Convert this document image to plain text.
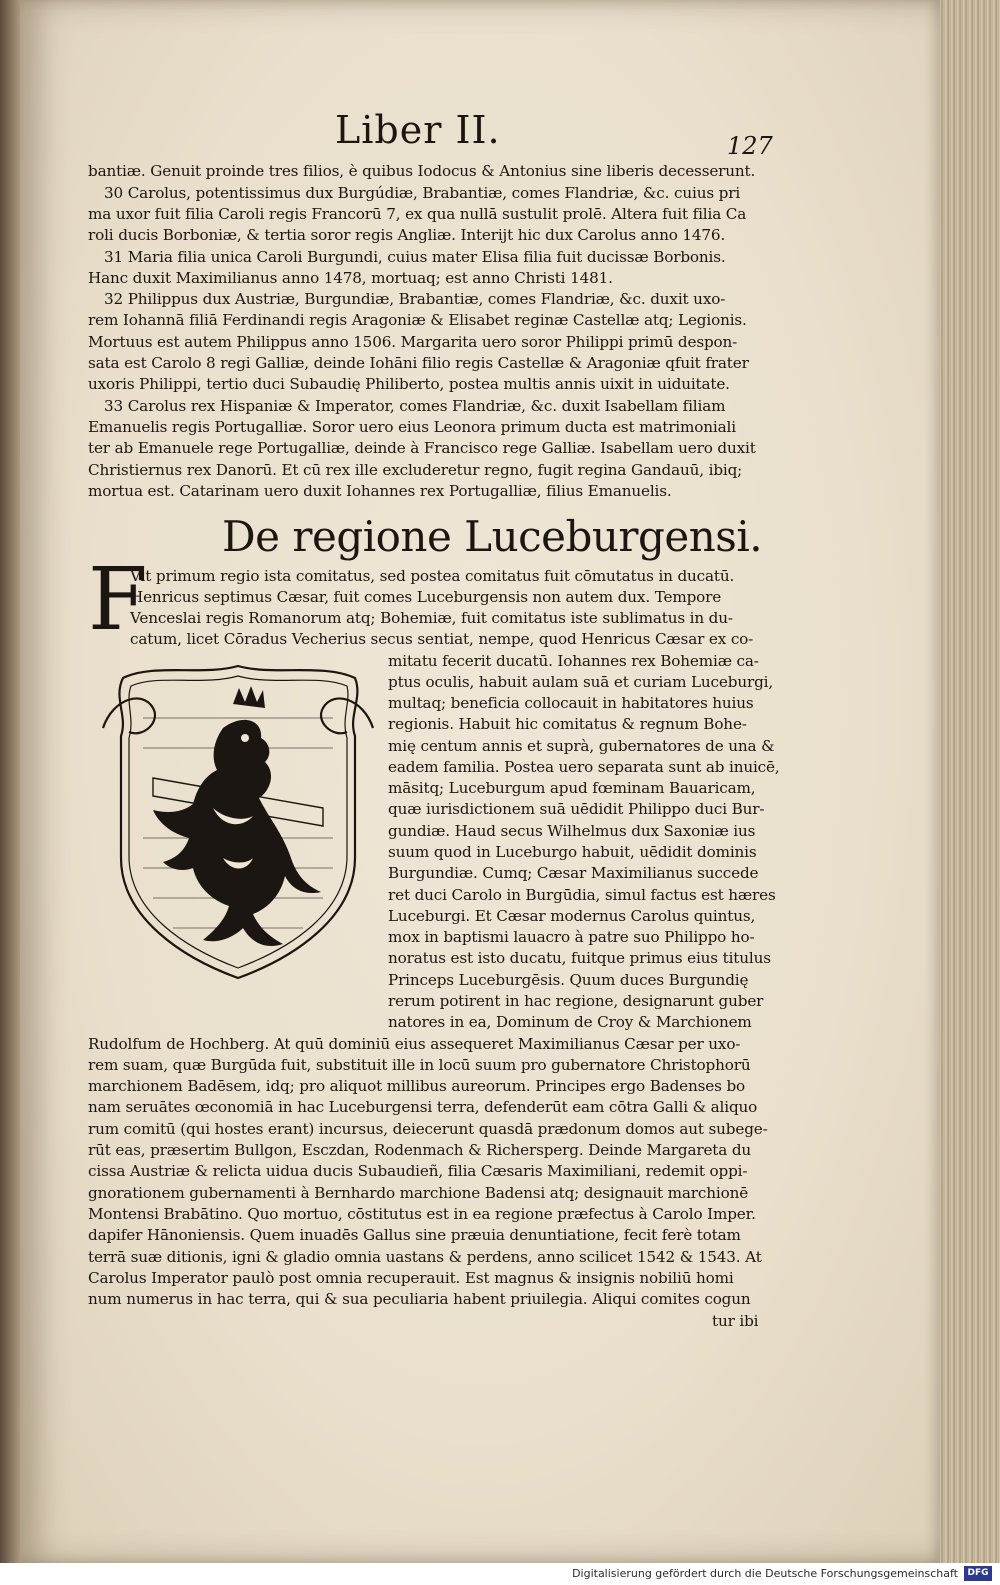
Liber II.	127
bantiæ. Genuit proinde tres filios, è quibus Iodocus & Antonius sine liberis decesserunt.
30 Carolus, potentissimus dux Burgúdiæ, Brabantiæ, comes Flandriæ, &c. cuius pri
ma uxor fuit filia Caroli regis Francorū 7, ex qua nullā sustulit prolē. Altera fuit filia Ca
roli ducis Borboniæ, & tertia soror regis Angliæ. Interijt hic dux Carolus anno 1476.
31 Maria filia unica Caroli Burgundi, cuius mater Elisa filia fuit ducissæ Borbonis.
Hanc duxit Maximilianus anno 1478, mortuaq; est anno Christi 1481.
32 Philippus dux Austriæ, Burgundiæ, Brabantiæ, comes Flandriæ, &c. duxit uxo-
rem Iohannā filiā Ferdinandi regis Aragoniæ & Elisabet reginæ Castellæ atq; Legionis.
Mortuus est autem Philippus anno 1506. Margarita uero soror Philippi primū despon-
sata est Carolo 8 regi Galliæ, deinde Iohāni filio regis Castellæ & Aragoniæ qfuit frater
uxoris Philippi, tertio duci Subaudię Philiberto, postea multis annis uixit in uiduitate.
33 Carolus rex Hispaniæ & Imperator, comes Flandriæ, &c. duxit Isabellam filiam
Emanuelis regis Portugalliæ. Soror uero eius Leonora primum ducta est matrimoniali
ter ab Emanuele rege Portugalliæ, deinde à Francisco rege Galliæ. Isabellam uero duxit
Christiernus rex Danorū. Et cū rex ille excluderetur regno, fugit regina Gandauū, ibiq;
mortua est. Catarinam uero duxit Iohannes rex Portugalliæ, filius Emanuelis.
De regione Luceburgensi.
F
Vit primum regio ista comitatus, sed postea comitatus fuit cōmutatus in ducatū.
Henricus septimus Cæsar, fuit comes Luceburgensis non autem dux. Tempore
Venceslai regis Romanorum atq; Bohemiæ, fuit comitatus iste sublimatus in du-
catum, licet Cōradus Vecherius secus sentiat, nempe, quod Henricus Cæsar ex co-
mitatu fecerit ducatū. Iohannes rex Bohemiæ ca-
ptus oculis, habuit aulam suā et curiam Luceburgi,
multaq; beneficia collocauit in habitatores huius
regionis. Habuit hic comitatus & regnum Bohe-
mię centum annis et suprà, gubernatores de una &
eadem familia. Postea uero separata sunt ab inuicē,
māsitq; Luceburgum apud fœminam Bauaricam,
quæ iurisdictionem suā uēdidit Philippo duci Bur-
gundiæ. Haud secus Wilhelmus dux Saxoniæ ius
suum quod in Luceburgo habuit, uēdidit dominis
Burgundiæ. Cumq; Cæsar Maximilianus succede
ret duci Carolo in Burgūdia, simul factus est hæres
Luceburgi. Et Cæsar modernus Carolus quintus,
mox in baptismi lauacro à patre suo Philippo ho-
noratus est isto ducatu, fuitque primus eius titulus
Princeps Luceburgēsis. Quum duces Burgundię
rerum potirent in hac regione, designarunt guber
natores in ea, Dominum de Croy & Marchionem
Rudolfum de Hochberg. At quū dominiū eius assequeret Maximilianus Cæsar per uxo-
rem suam, quæ Burgūda fuit, substituit ille in locū suum pro gubernatore Christophorū
marchionem Badēsem, idq; pro aliquot millibus aureorum. Principes ergo Badenses bo
nam seruātes œconomiā in hac Luceburgensi terra, defenderūt eam cōtra Galli & aliquo
rum comitū (qui hostes erant) incursus, deiecerunt quasdā prædonum domos aut subege-
rūt eas, præsertim Bullgon, Esczdan, Rodenmach & Richersperg. Deinde Margareta du
cissa Austriæ & relicta uidua ducis Subaudieñ, filia Cæsaris Maximiliani, redemit oppi-
gnorationem gubernamenti à Bernhardo marchione Badensi atq; designauit marchionē
Montensi Brabātino. Quo mortuo, cōstitutus est in ea regione præfectus à Carolo Imper.
dapifer Hānoniensis. Quem inuadēs Gallus sine præuia denuntiatione, fecit ferè totam
terrā suæ ditionis, igni & gladio omnia uastans & perdens, anno scilicet 1542 & 1543. At
Carolus Imperator paulò post omnia recuperauit. Est magnus & insignis nobiliū homi
num numerus in hac terra, qui & sua peculiaria habent priuilegia. Aliqui comites cogun
tur ibi
Digitalisierung gefördert durch die Deutsche Forschungsgemeinschaft	DFG
